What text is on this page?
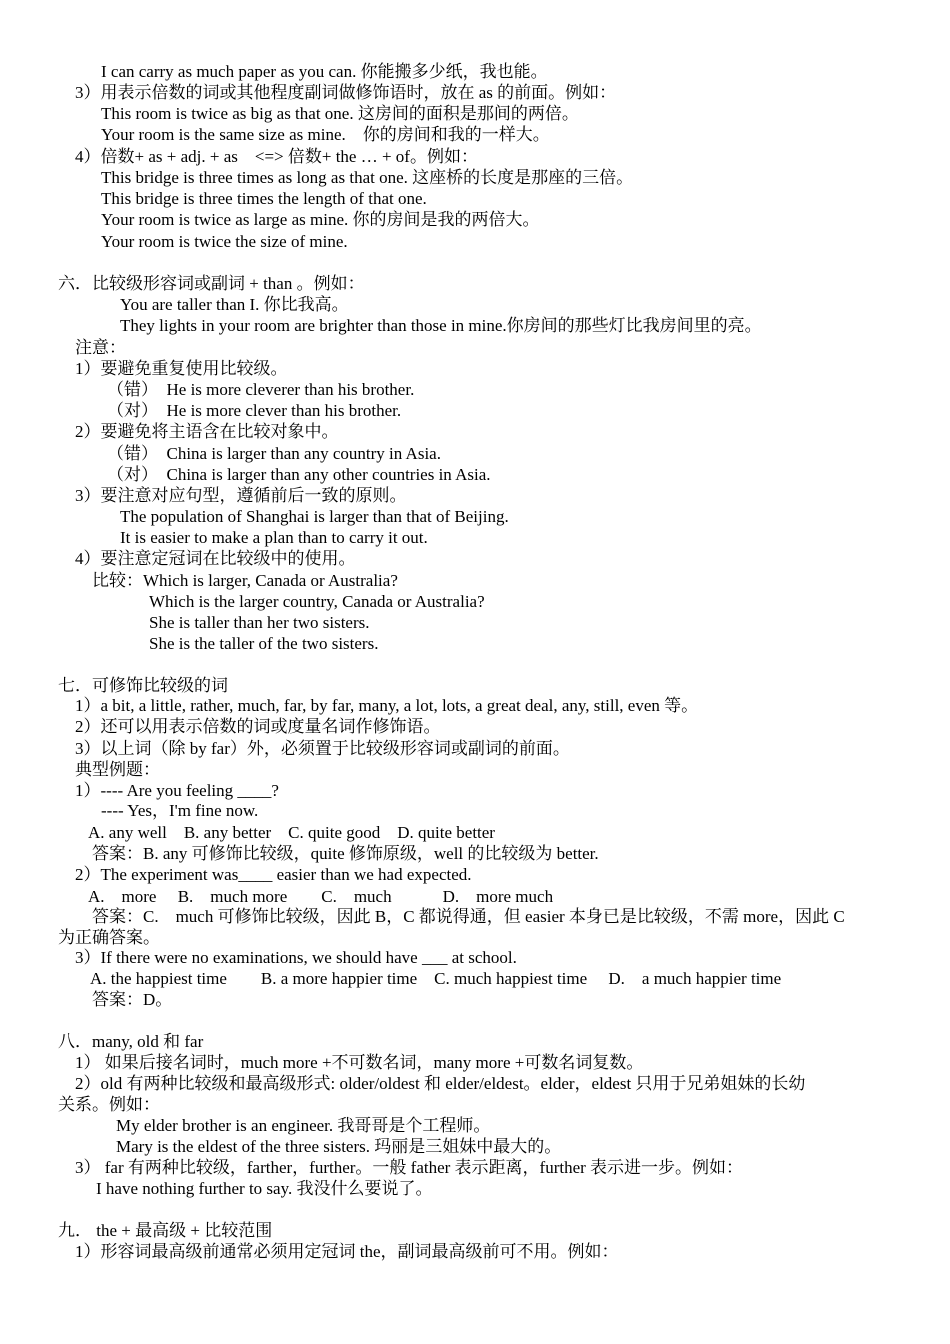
I can carry as much paper as you can. 你能搬多少纸，我也能。
3）用表示倍数的词或其他程度副词做修饰语时，放在 as 的前面。例如：
This room is twice as big as that one. 这房间的面积是那间的两倍。
Your room is the same size as mine.　你的房间和我的一样大。
4）倍数+ as + adj. + as　<=> 倍数+ the … + of。例如：
This bridge is three times as long as that one. 这座桥的长度是那座的三倍。
This bridge is three times the length of that one.
Your room is twice as large as mine. 你的房间是我的两倍大。
Your room is twice the size of mine.
六．比较级形容词或副词 + than 。例如：
You are taller than I. 你比我高。
They lights in your room are brighter than those in mine.你房间的那些灯比我房间里的亮。
注意：
1）要避免重复使用比较级。
（错）  He is more cleverer than his brother.
（对）  He is more clever than his brother.
2）要避免将主语含在比较对象中。
（错）  China is larger than any country in Asia.
（对）  China is larger than any other countries in Asia.
3）要注意对应句型，遵循前后一致的原则。
The population of Shanghai is larger than that of Beijing.
It is easier to make a plan than to carry it out.
4）要注意定冠词在比较级中的使用。
比较：Which is larger, Canada or Australia?
Which is the larger country, Canada or Australia?
She is taller than her two sisters.
She is the taller of the two sisters.
七．可修饰比较级的词
1）a bit, a little, rather, much, far, by far, many, a lot, lots, a great deal, any, still, even 等。
2）还可以用表示倍数的词或度量名词作修饰语。
3）以上词（除 by far）外，必须置于比较级形容词或副词的前面。
典型例题：
1）---- Are you feeling ____?
---- Yes，I'm fine now.
A. any well　B. any better　C. quite good　D. quite better
答案：B. any 可修饰比较级，quite 修饰原级，well 的比较级为 better.
2）The experiment was____ easier than we had expected.
A.　more　 B.　much more　　C.　much　　　D.　more much
答案：C.　much 可修饰比较级，因此 B，C 都说得通，但 easier 本身已是比较级，不需 more，因此 C
为正确答案。
3）If there were no examinations, we should have ___ at school.
A. the happiest time　　B. a more happier time　C. much happiest time　 D.　a much happier time
答案：D。
八．many, old 和 far
1） 如果后接名词时，much more +不可数名词，many more +可数名词复数。
2）old 有两种比较级和最高级形式: older/oldest 和 elder/eldest。elder，eldest 只用于兄弟姐妹的长幼
关系。例如：
My elder brother is an engineer. 我哥哥是个工程师。
Mary is the eldest of the three sisters. 玛丽是三姐妹中最大的。
3） far 有两种比较级，farther，further。一般 father 表示距离，further 表示进一步。例如：
I have nothing further to say. 我没什么要说了。
九． the + 最高级 + 比较范围
1）形容词最高级前通常必须用定冠词 the，副词最高级前可不用。例如：
